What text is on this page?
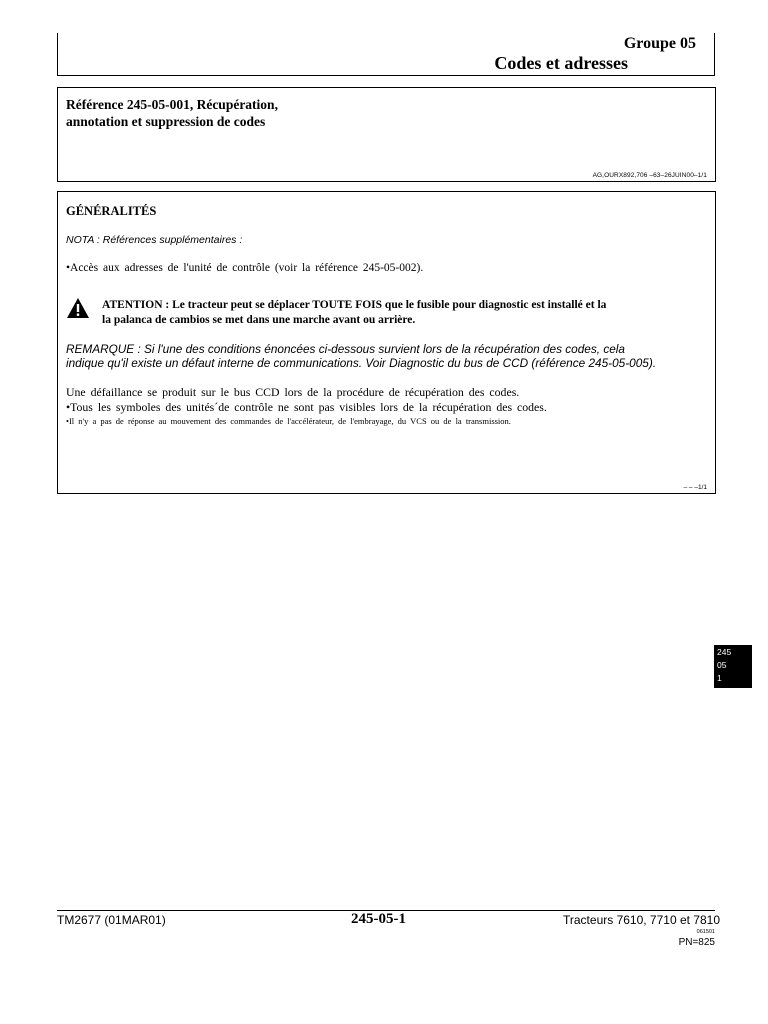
Groupe 05
Codes et adresses
Référence 245-05-001, Récupération,
annotation et suppression de codes
AG,OURX892,706 –63–26JUIN00–1/1
GÉNÉRALITÉS
NOTA : Références supplémentaires :
•Accès aux adresses de l'unité de contrôle (voir la référence 245-05-002).
ATENTION : Le tracteur peut se déplacer TOUTE FOIS que le fusible pour diagnostic est installé et la
la palanca de cambios se met dans une marche avant ou arrière.
REMARQUE : Si l'une des conditions énoncées ci-dessous survient lors de la récupération des codes, cela
indique qu'il existe un défaut interne de communications. Voir Diagnostic du bus de CCD (référence 245-05-005).
Une défaillance se produit sur le bus CCD lors de la procédure de récupération des codes.
•Tous les symboles des unités´de contrôle ne sont pas visibles lors de la récupération des codes.
•Il n'y a pas de réponse au mouvement des commandes de l'accélérateur, de l'embrayage, du VCS ou de la transmission.
– – –1/1
245
05
1
TM2677 (01MAR01)	245-05-1	Tracteurs 7610, 7710 et 7810
061501
PN=825
